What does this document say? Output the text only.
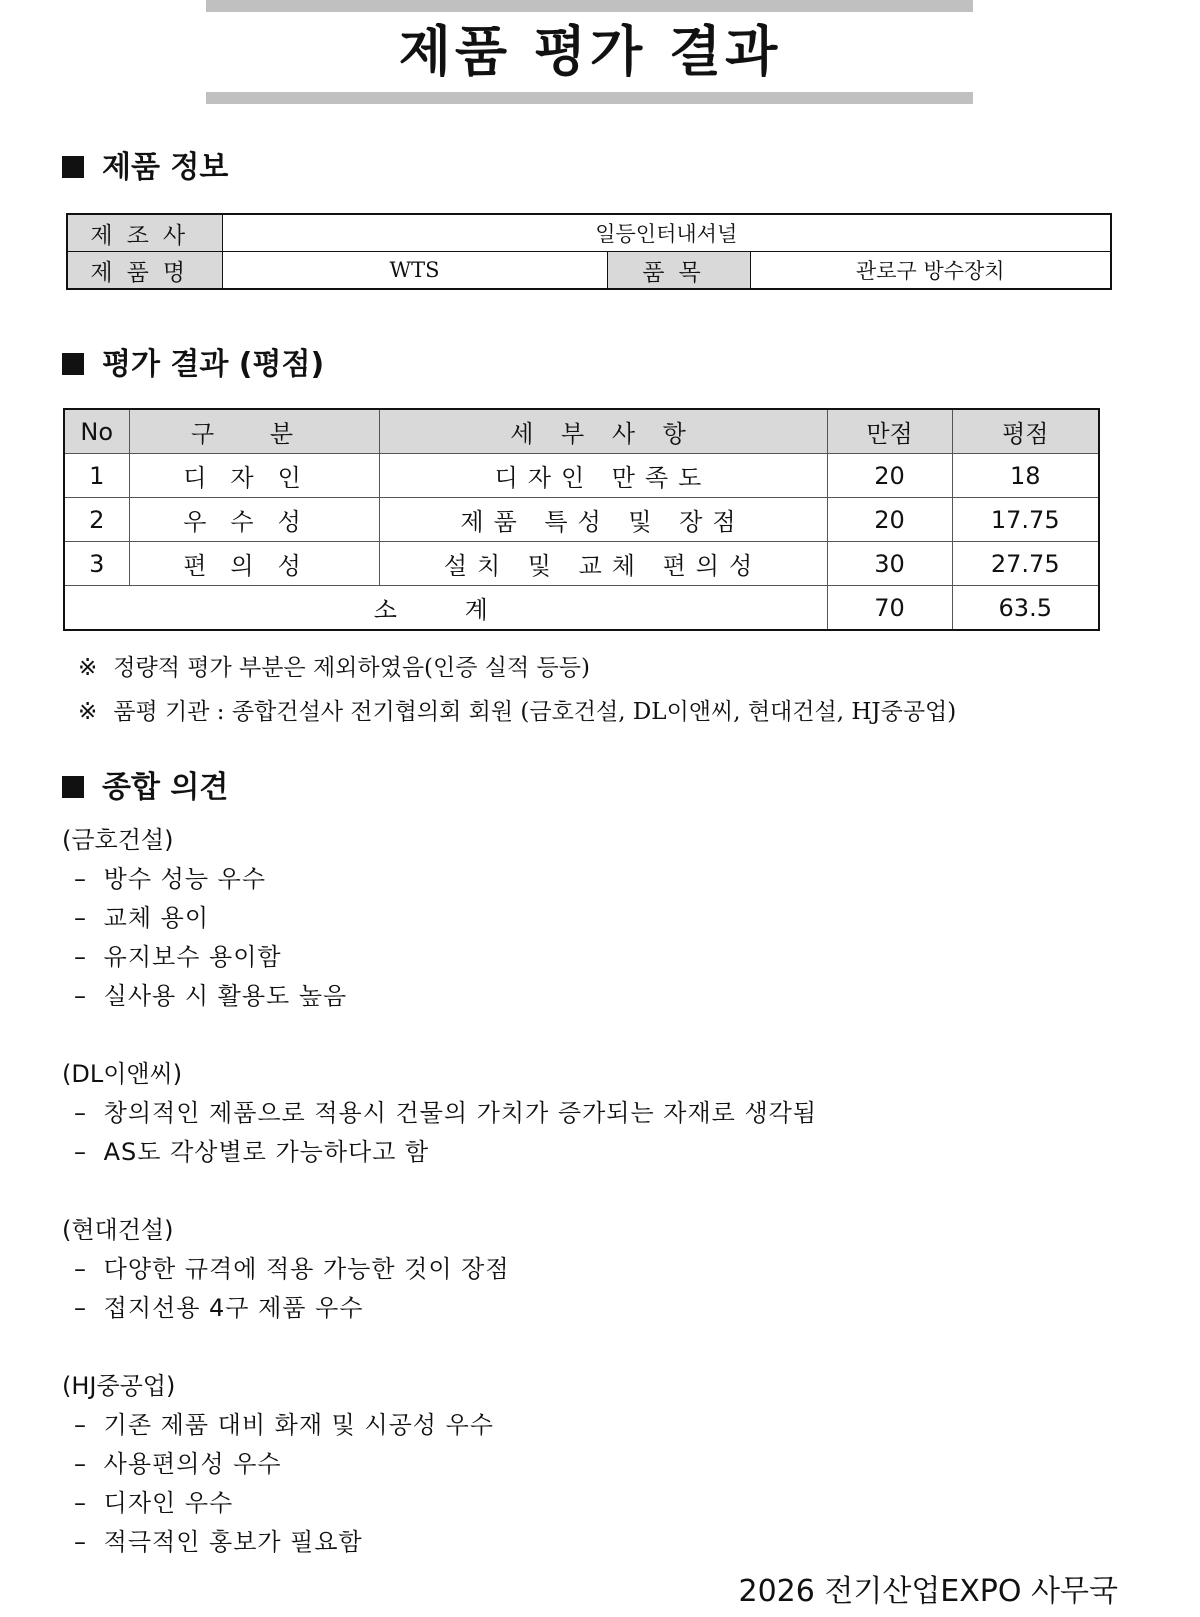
제품 평가 결과
제품 정보
제조사	일등인터내셔널		
제품명	WTS	품목	관로구 방수장치
평가 결과 (평점)
No	구 분	세 부 사 항	만점	평점
1	디자인	디자인 만족도	20	18
2	우수성	제품 특성 및 장점	20	17.75
3	편의성	설치 및 교체 편의성	30	27.75
소 계			70	63.5
※ 정량적 평가 부분은 제외하였음(인증 실적 등등)
※ 품평 기관 : 종합건설사 전기협의회 회원 (금호건설, DL이앤씨, 현대건설, HJ중공업)
종합 의견
(금호건설)
– 방수 성능 우수
– 교체 용이
– 유지보수 용이함
– 실사용 시 활용도 높음
(DL이앤씨)
– 창의적인 제품으로 적용시 건물의 가치가 증가되는 자재로 생각됨
– AS도 각상별로 가능하다고 함
(현대건설)
– 다양한 규격에 적용 가능한 것이 장점
– 접지선용 4구 제품 우수
(HJ중공업)
– 기존 제품 대비 화재 및 시공성 우수
– 사용편의성 우수
– 디자인 우수
– 적극적인 홍보가 필요함
2026 전기산업EXPO 사무국
